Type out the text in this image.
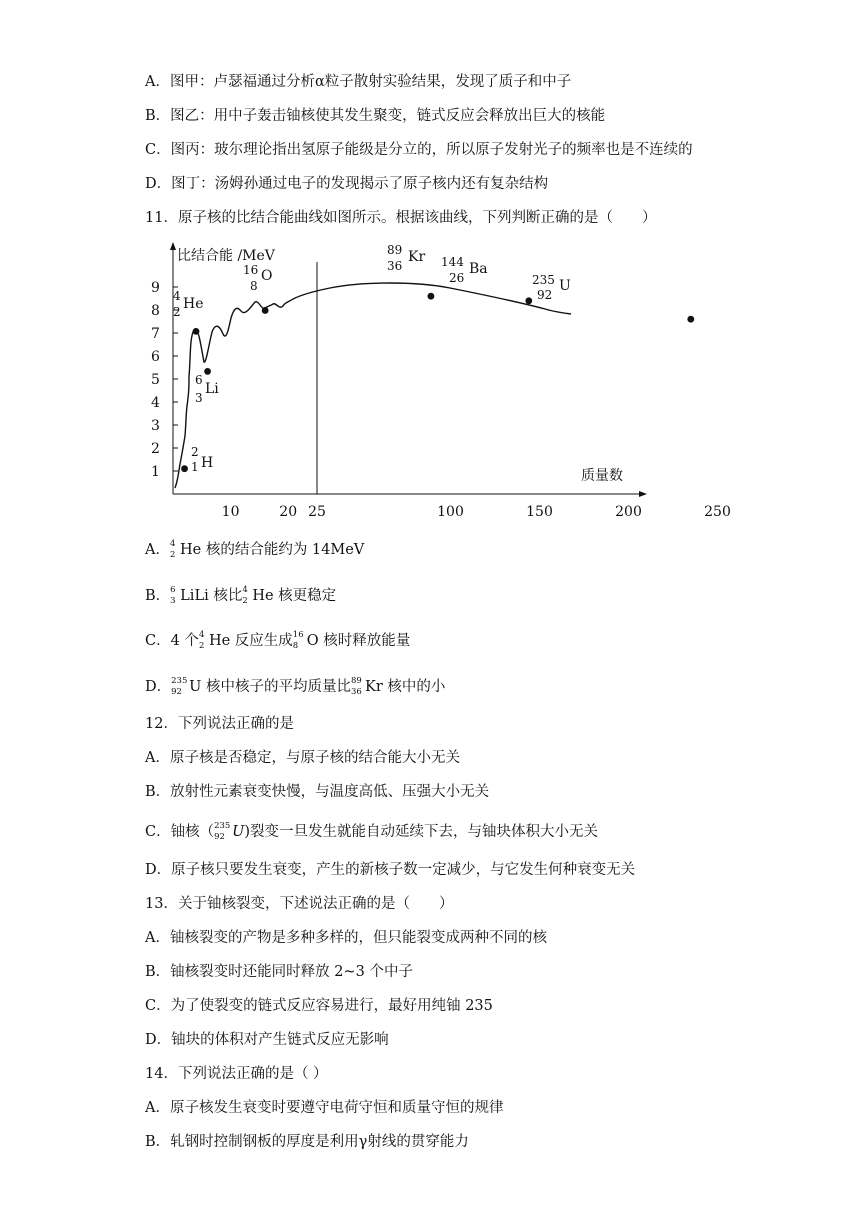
A．图甲：卢瑟福通过分析α粒子散射实验结果，发现了质子和中子
B．图乙：用中子轰击铀核使其发生聚变，链式反应会释放出巨大的核能
C．图丙：玻尔理论指出氢原子能级是分立的，所以原子发射光子的频率也是不连续的
D．图丁：汤姆孙通过电子的发现揭示了原子核内还有复杂结构
11．原子核的比结合能曲线如图所示。根据该曲线，下列判断正确的是（　　）
比结合能 /MeV
质量数
1
2
3
4
5
6
7
8
9
10	20 25	100	150	200	250
2
1 H
4
2 He
6
3
Li
16
8
O
89
36
Kr 144
26
Ba
235
92
U
A． 4
2 He 核的结合能约为 14MeV
B． 6
3 LiLi 核比 4
2 He 核更稳定
C．4 个 4
2 He 反应生成 16
8 O 核时释放能量
D． 235
92 U 核中核子的平均质量比 89
36 Kr 核中的小
12．下列说法正确的是
A．原子核是否稳定，与原子核的结合能大小无关
B．放射性元素衰变快慢，与温度高低、压强大小无关
C．铀核（ 235
92 U)裂变一旦发生就能自动延续下去，与铀块体积大小无关
D．原子核只要发生衰变，产生的新核子数一定减少，与它发生何种衰变无关
13．关于铀核裂变，下述说法正确的是（　　）
A．铀核裂变的产物是多种多样的，但只能裂变成两种不同的核
B．铀核裂变时还能同时释放 2~3 个中子
C．为了使裂变的链式反应容易进行，最好用纯铀 235
D．铀块的体积对产生链式反应无影响
14．下列说法正确的是（ ）
A．原子核发生衰变时要遵守电荷守恒和质量守恒的规律
B．轧钢时控制钢板的厚度是利用γ射线的贯穿能力
